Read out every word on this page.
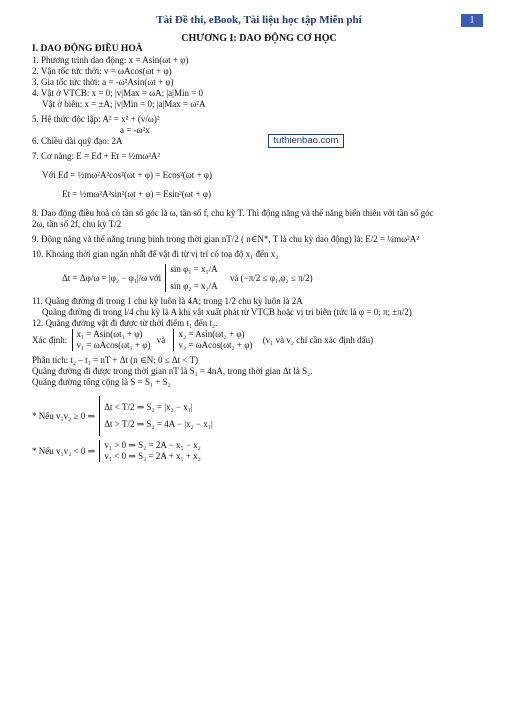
Tài Đề thi, eBook, Tài liệu học tập Miễn phí	1
CHƯƠNG I: DAO ĐỘNG CƠ HỌC
I. DAO ĐỘNG ĐIỀU HOÀ
1. Phương trình dao động: x = Asin(ωt + φ)
2. Vận tốc tức thời: v = ωAcos(ωt + φ)
3. Gia tốc tức thời: a = -ω²Asin(ωt + φ)
4. Vật ở VTCB: x = 0; |v|Max = ωA; |a|Min = 0
Vật ở biên: x = ±A; |v|Min = 0; |a|Max = ω²A
5. Hệ thức độc lập: A² = x² + (v/ω)²
a = -ω²x
6. Chiều dài quỹ đạo: 2A
7. Cơ năng: E = Eđ + Et = ½mω²A²
Với Eđ = ½mω²A²cos²(ωt + φ) = Ecos²(ωt + φ)
Et = ½mω²A²sin²(ωt + φ) = Esin²(ωt + φ)
8. Dao động điều hoà có tần số góc là ω, tần số f, chu kỳ T. Thì động năng và thế năng biến thiên với tần số góc
2ω, tần số 2f, chu kỳ T/2
9. Động năng và thế năng trung bình trong thời gian nT/2 ( n∈N*, T là chu kỳ dao động) là: E/2 = ¼mω²A²
10. Khoảng thời gian ngắn nhất để vật đi từ vị trí có toạ độ x₁ đến x₂
Δt = Δφ/ω = |φ₂ − φ₁|/ω với
sin φ₁ = x₁/A
sin φ₂ = x₂/A
và (−π/2 ≤ φ₁,φ₂ ≤ π/2)
11. Quãng đường đi trong 1 chu kỳ luôn là 4A; trong 1/2 chu kỳ luôn là 2A
Quãng đường đi trong l/4 chu kỳ là A khi vật xuất phát từ VTCB hoặc vị trí biên (tức là φ = 0; π; ±π/2)
12. Quãng đường vật đi được từ thời điểm t₁ đến t₂.
Xác định:
x₁ = Asin(ωt₁ + φ)
v₁ = ωAcos(ωt₁ + φ)
và
x₂ = Asin(ωt₂ + φ)
v₂ = ωAcos(ωt₂ + φ)
(v₁ và v₂ chỉ cần xác định dấu)
Phân tích: t₂ – t₁ = nT + Δt (n ∈N; 0 ≤ Δt < T)
Quãng đường đi được trong thời gian nT là S₁ = 4nA, trong thời gian Δt là S₂.
Quãng đường tổng cộng là S = S₁ + S₂
* Nếu v₁v₂ ≥ 0 ⇒
Δt < T/2 ⇒ S₂ = |x₂ − x₁|
Δt > T/2 ⇒ S₂ = 4A − |x₂ − x₁|
* Nếu v₁v₂ < 0 ⇒
v₁ > 0 ⇒ S₂ = 2A − x₁ − x₂
v₁ < 0 ⇒ S₂ = 2A + x₁ + x₂
tuthienbao.com
